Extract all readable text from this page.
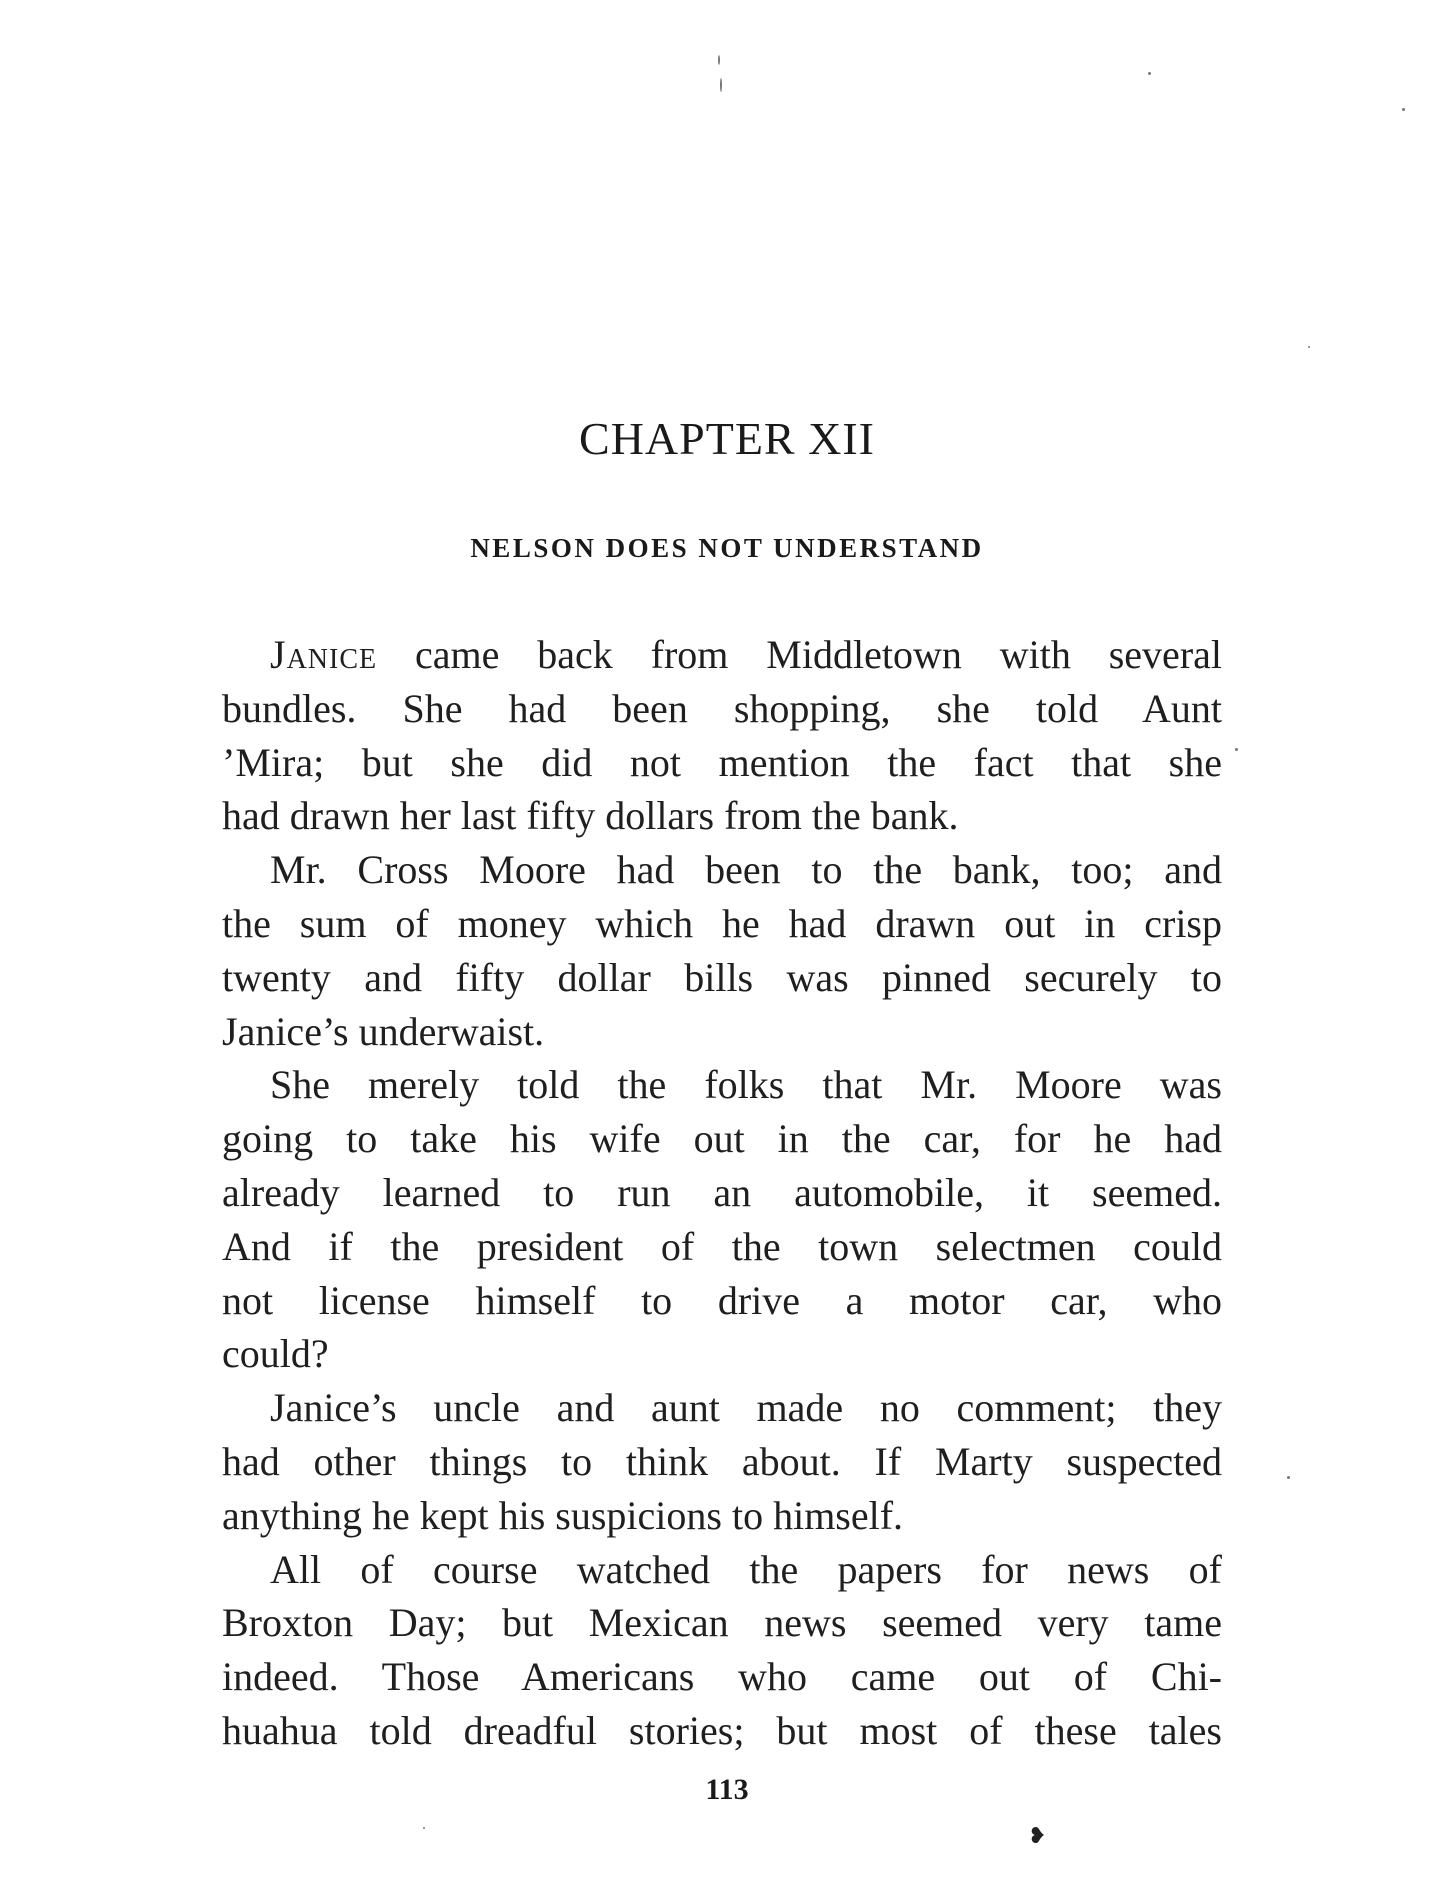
CHAPTER XII
NELSON DOES NOT UNDERSTAND

Janice came back from Middletown with several
bundles. She had been shopping, she told Aunt
’Mira; but she did not mention the fact that she
had drawn her last fifty dollars from the bank.

Mr. Cross Moore had been to the bank, too; and
the sum of money which he had drawn out in crisp
twenty and fifty dollar bills was pinned securely to
Janice’s underwaist.

She merely told the folks that Mr. Moore was
going to take his wife out in the car, for he had
already learned to run an automobile, it seemed.
And if the president of the town selectmen could
not license himself to drive a motor car, who
could?

Janice’s uncle and aunt made no comment; they
had other things to think about. If Marty suspected
anything he kept his suspicions to himself.

All of course watched the papers for news of
Broxton Day; but Mexican news seemed very tame
indeed. Those Americans who came out of Chi-
huahua told dreadful stories; but most of these tales

113
❥
